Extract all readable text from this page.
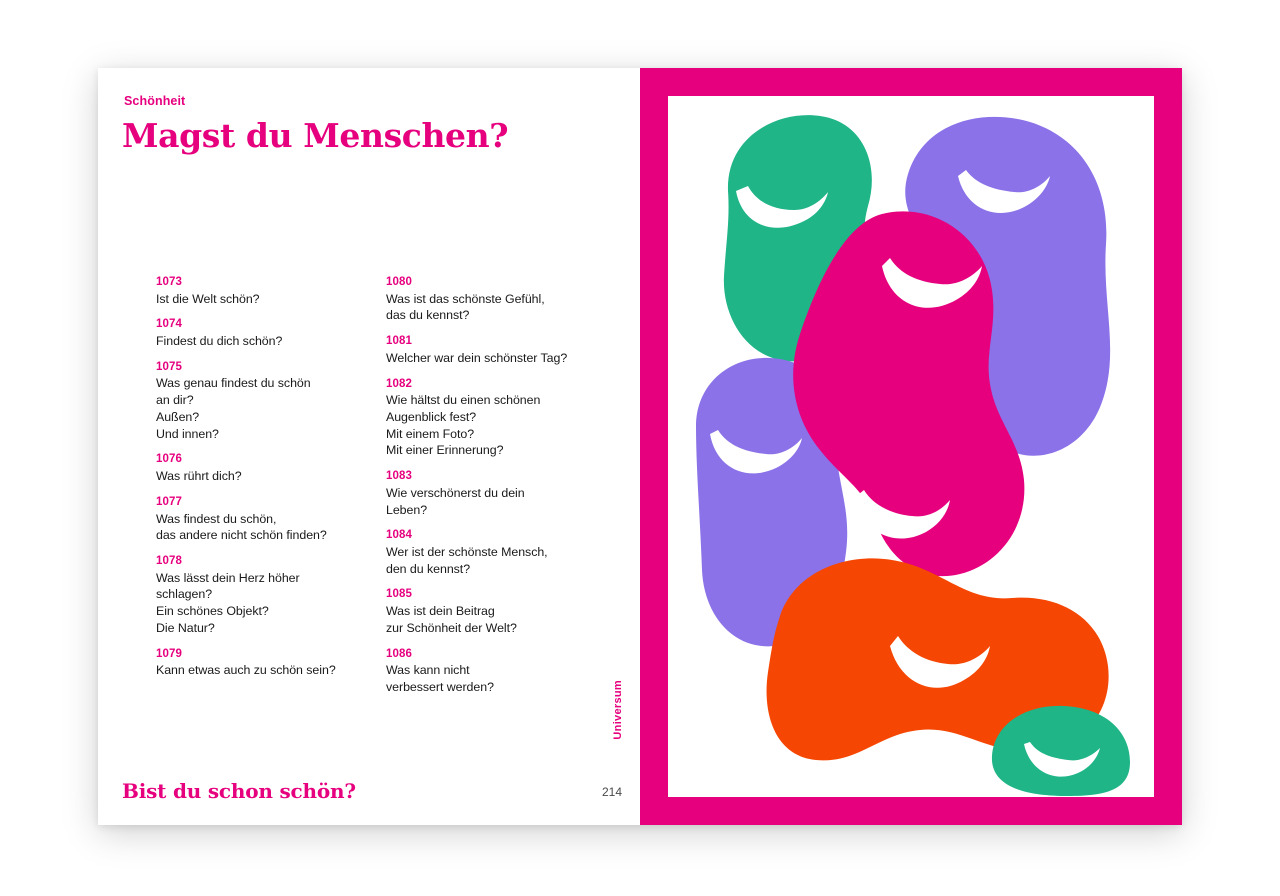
Schönheit
Magst du Menschen?
1073
Ist die Welt schön?
1074
Findest du dich schön?
1075
Was genau findest du schön
an dir?
Außen?
Und innen?
1076
Was rührt dich?
1077
Was findest du schön,
das andere nicht schön finden?
1078
Was lässt dein Herz höher
schlagen?
Ein schönes Objekt?
Die Natur?
1079
Kann etwas auch zu schön sein?
1080
Was ist das schönste Gefühl,
das du kennst?
1081
Welcher war dein schönster Tag?
1082
Wie hältst du einen schönen
Augenblick fest?
Mit einem Foto?
Mit einer Erinnerung?
1083
Wie verschönerst du dein
Leben?
1084
Wer ist der schönste Mensch,
den du kennst?
1085
Was ist dein Beitrag
zur Schönheit der Welt?
1086
Was kann nicht
verbessert werden?	Universum
Bist du schon schön?	214
